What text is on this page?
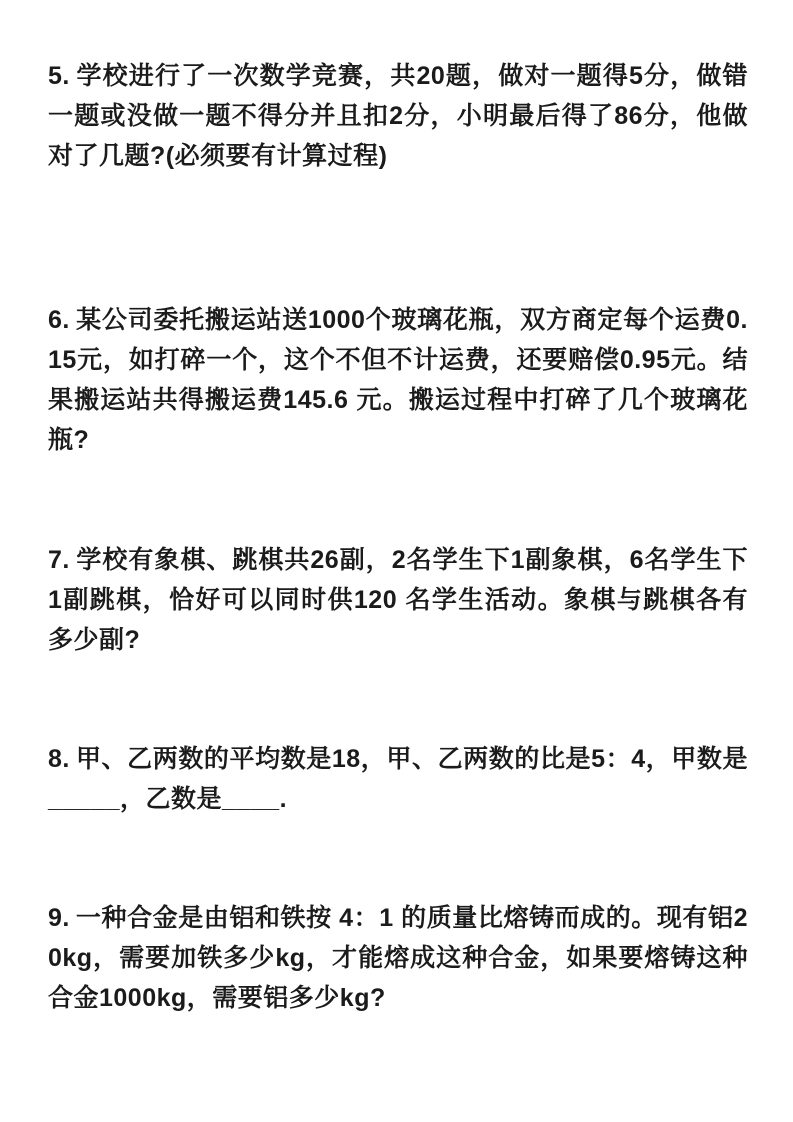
5. 学校进行了一次数学竞赛，共20题，做对一题得5分，做错一题或没做一题不得分并且扣2分，小明最后得了86分，他做对了几题?(必须要有计算过程)

6. 某公司委托搬运站送1000个玻璃花瓶，双方商定每个运费0.15元，如打碎一个，这个不但不计运费，还要赔偿0.95元。结果搬运站共得搬运费145.6 元。搬运过程中打碎了几个玻璃花瓶?

7. 学校有象棋、跳棋共26副，2名学生下1副象棋，6名学生下1副跳棋，恰好可以同时供120 名学生活动。象棋与跳棋各有多少副?

8. 甲、乙两数的平均数是18，甲、乙两数的比是5：4，甲数是_____，乙数是____.

9. 一种合金是由铝和铁按 4：1 的质量比熔铸而成的。现有铝20kg，需要加铁多少kg，才能熔成这种合金，如果要熔铸这种合金1000kg，需要铝多少kg?
